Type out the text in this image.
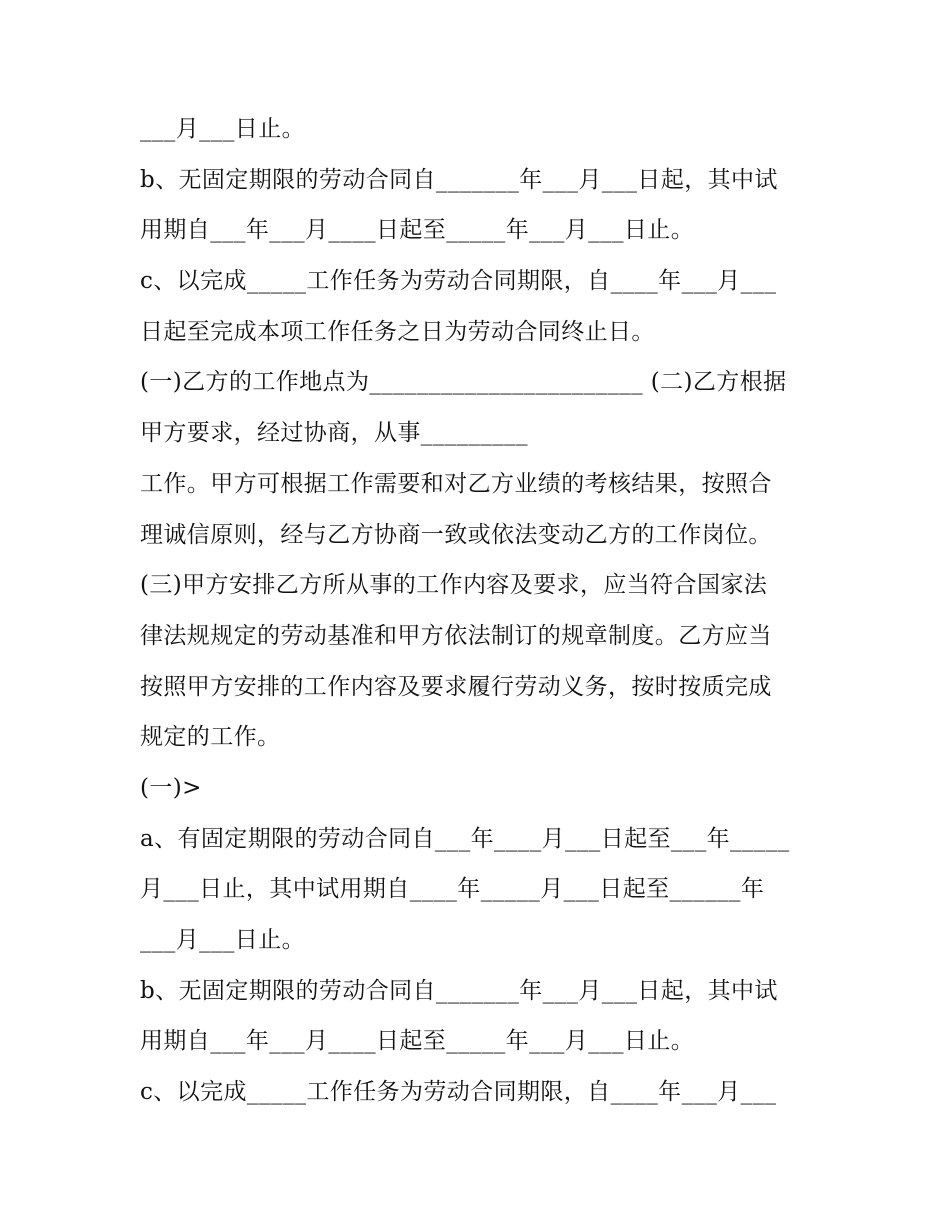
___月___日止。
b、无固定期限的劳动合同自_______年___月___日起，其中试
用期自___年___月____日起至_____年___月___日止。
c、以完成_____工作任务为劳动合同期限，自____年___月___
日起至完成本项工作任务之日为劳动合同终止日。
(一)乙方的工作地点为_______________________ (二)乙方根据
甲方要求，经过协商，从事_________
工作。甲方可根据工作需要和对乙方业绩的考核结果，按照合
理诚信原则，经与乙方协商一致或依法变动乙方的工作岗位。
(三)甲方安排乙方所从事的工作内容及要求，应当符合国家法
律法规规定的劳动基准和甲方依法制订的规章制度。乙方应当
按照甲方安排的工作内容及要求履行劳动义务，按时按质完成
规定的工作。
(一)>
a、有固定期限的劳动合同自___年____月___日起至___年_____
月___日止，其中试用期自____年_____月___日起至______年
___月___日止。
b、无固定期限的劳动合同自_______年___月___日起，其中试
用期自___年___月____日起至_____年___月___日止。
c、以完成_____工作任务为劳动合同期限，自____年___月___
